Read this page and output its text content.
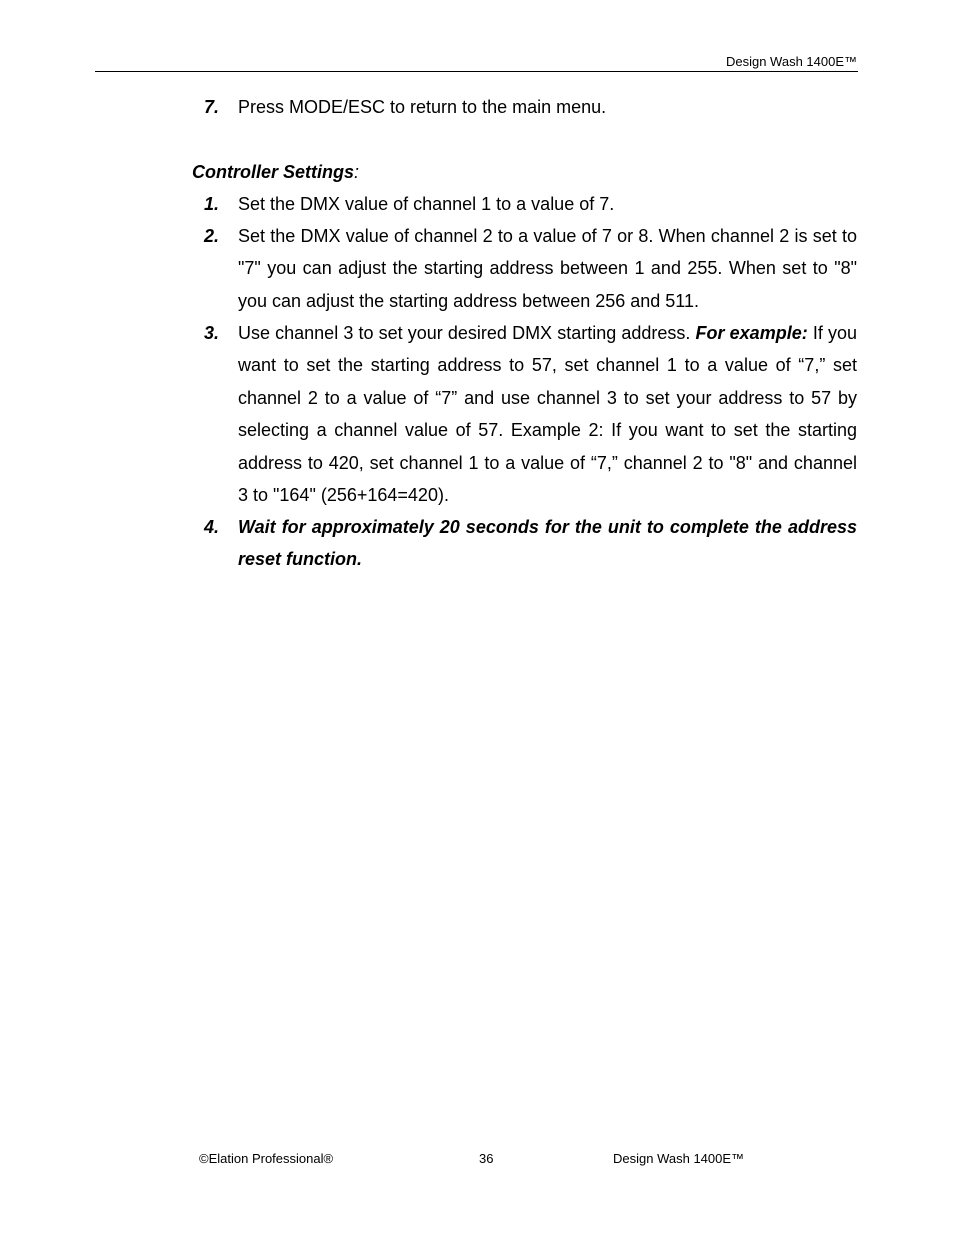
Design Wash 1400E™
7. Press MODE/ESC to return to the main menu.
Controller Settings:
1. Set the DMX value of channel 1 to a value of 7.
2. Set the DMX value of channel 2 to a value of 7 or 8. When channel 2 is set to "7" you can adjust the starting address between 1 and 255. When set to "8" you can adjust the starting address between 256 and 511.
3. Use channel 3 to set your desired DMX starting address. For example: If you want to set the starting address to 57, set channel 1 to a value of “7,” set channel 2 to a value of “7” and use channel 3 to set your address to 57 by selecting a channel value of 57. Example 2: If you want to set the starting address to 420, set channel 1 to a value of “7,” channel 2 to "8" and channel 3 to "164" (256+164=420).
4. Wait for approximately 20 seconds for the unit to complete the address reset function.
©Elation Professional®	36	Design Wash 1400E™
